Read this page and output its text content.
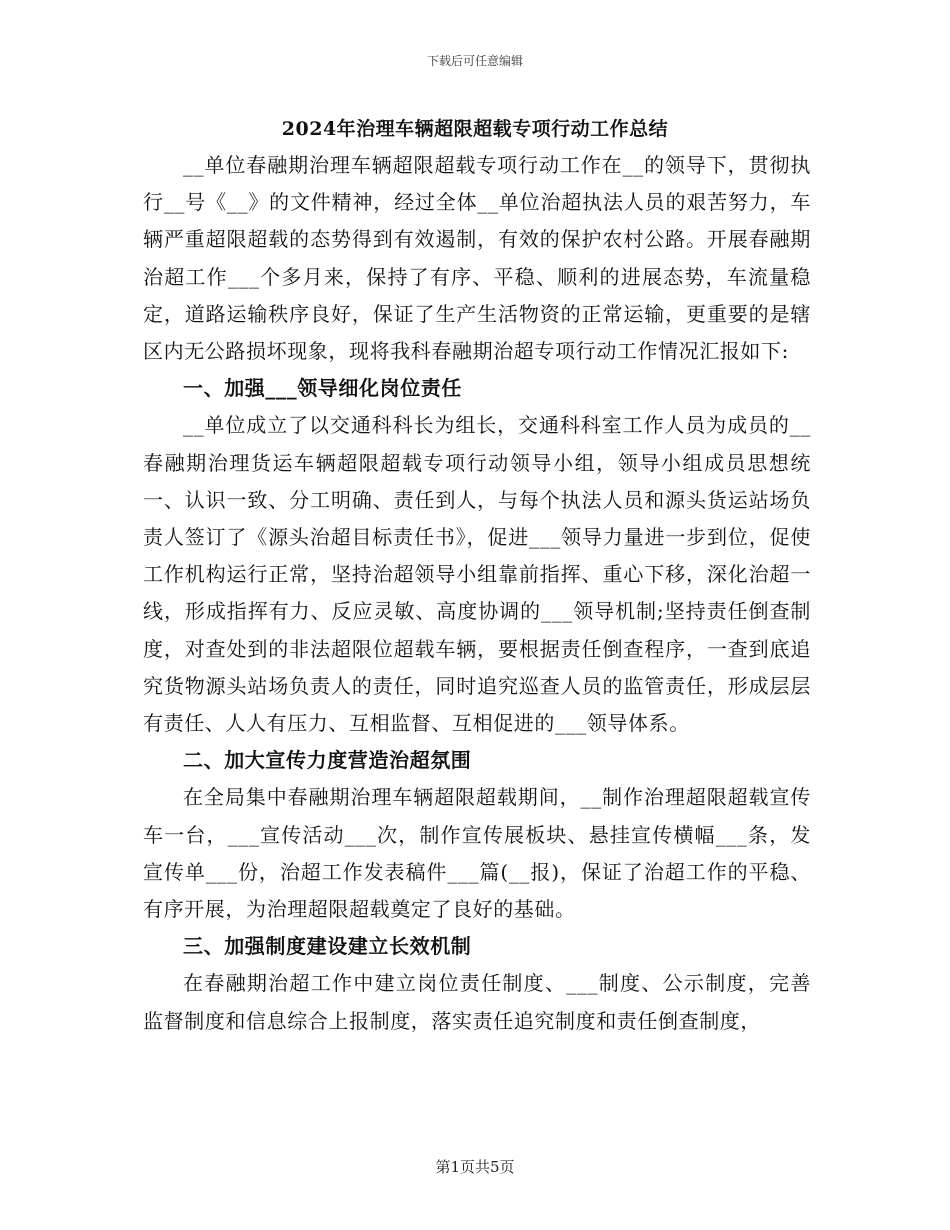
下载后可任意编辑
2024年治理车辆超限超载专项行动工作总结

__单位春融期治理车辆超限超载专项行动工作在__的领导下，贯彻执行__号《__》的文件精神，经过全体__单位治超执法人员的艰苦努力，车辆严重超限超载的态势得到有效遏制，有效的保护农村公路。开展春融期治超工作___个多月来，保持了有序、平稳、顺利的进展态势，车流量稳定，道路运输秩序良好，保证了生产生活物资的正常运输，更重要的是辖区内无公路损坏现象，现将我科春融期治超专项行动工作情况汇报如下:

一、加强___领导细化岗位责任

__单位成立了以交通科科长为组长，交通科科室工作人员为成员的__春融期治理货运车辆超限超载专项行动领导小组，领导小组成员思想统一、认识一致、分工明确、责任到人，与每个执法人员和源头货运站场负责人签订了《源头治超目标责任书》，促进___领导力量进一步到位，促使工作机构运行正常，坚持治超领导小组靠前指挥、重心下移，深化治超一线，形成指挥有力、反应灵敏、高度协调的___领导机制;坚持责任倒查制度，对查处到的非法超限位超载车辆，要根据责任倒查程序，一查到底追究货物源头站场负责人的责任，同时追究巡查人员的监管责任，形成层层有责任、人人有压力、互相监督、互相促进的___领导体系。

二、加大宣传力度营造治超氛围

在全局集中春融期治理车辆超限超载期间，__制作治理超限超载宣传车一台，___宣传活动___次，制作宣传展板块、悬挂宣传横幅___条，发宣传单___份，治超工作发表稿件___篇(__报)，保证了治超工作的平稳、有序开展，为治理超限超载奠定了良好的基础。

三、加强制度建设建立长效机制

在春融期治超工作中建立岗位责任制度、___制度、公示制度，完善监督制度和信息综合上报制度，落实责任追究制度和责任倒查制度，

第1页共5页
